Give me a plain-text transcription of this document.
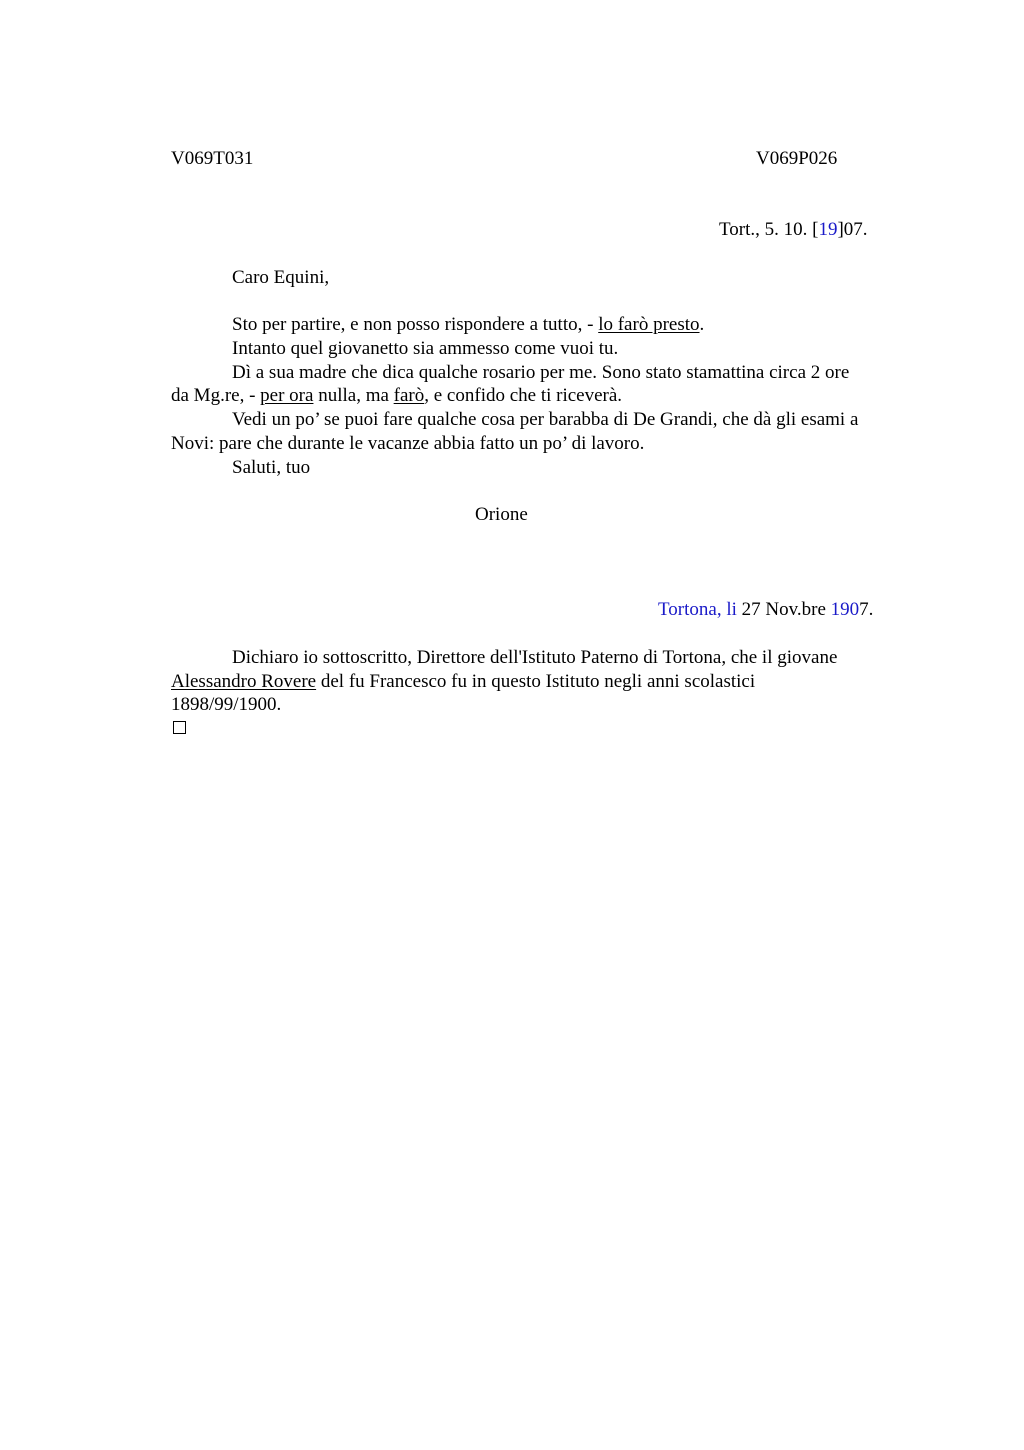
V069T031	V069P026
Tort., 5. 10. [19]07.
Caro Equini,
Sto per partire, e non posso rispondere a tutto, - lo farò presto.
Intanto quel giovanetto sia ammesso come vuoi tu.
Dì a sua madre che dica qualche rosario per me. Sono stato stamattina circa 2 ore
da Mg.re, - per ora nulla, ma farò, e confido che ti riceverà.
Vedi un po’ se puoi fare qualche cosa per barabba di De Grandi, che dà gli esami a
Novi: pare che durante le vacanze abbia fatto un po’ di lavoro.
Saluti, tuo
Orione
Tortona, li 27 Nov.bre 1907.
Dichiaro io sottoscritto, Direttore dell'Istituto Paterno di Tortona, che il giovane
Alessandro Rovere del fu Francesco fu in questo Istituto negli anni scolastici
1898/99/1900.
